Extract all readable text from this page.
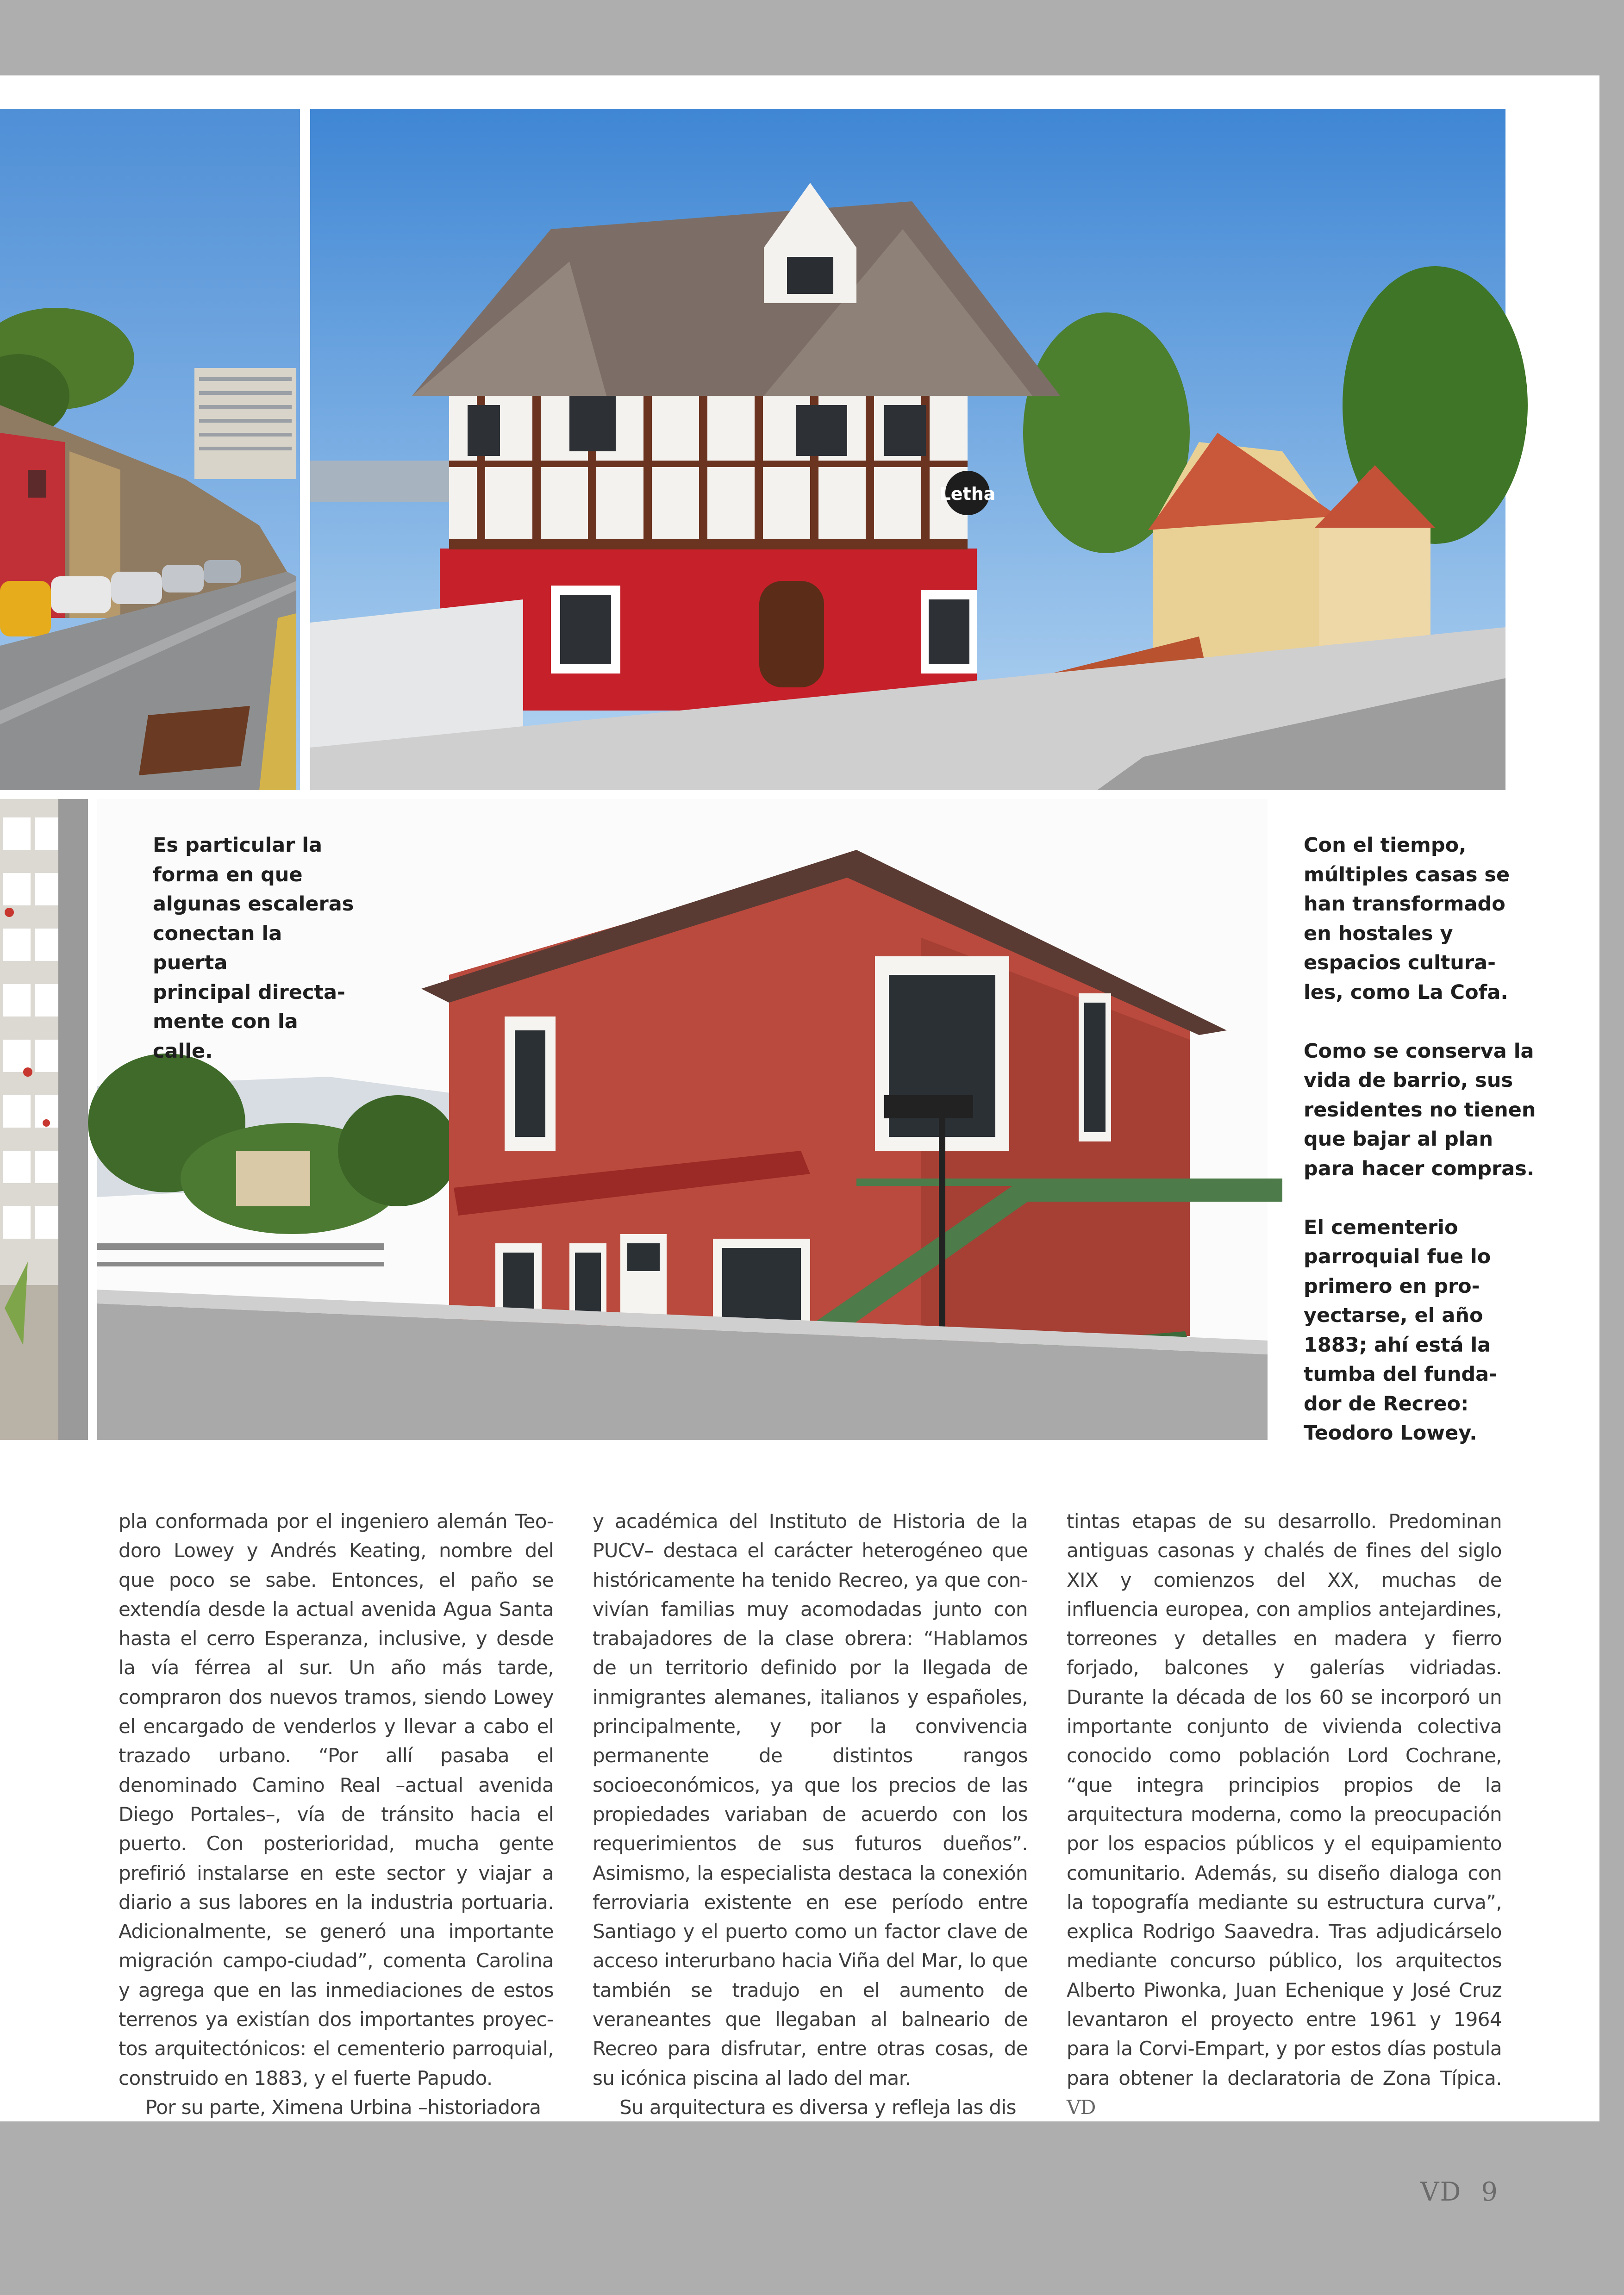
Letha
Es particular la
forma en que
algunas escaleras
conectan la puerta
principal directa-
mente con la calle.
Con el tiempo,
múltiples casas se
han transformado
en hostales y
espacios cultura-
les, como La Cofa.
Como se conserva la
vida de barrio, sus
residentes no tienen
que bajar al plan
para hacer compras.
El cementerio
parroquial fue lo
primero en pro-
yectarse, el año
1883; ahí está la
tumba del funda-
dor de Recreo:
Teodoro Lowey.

pla conformada por el ingeniero alemán Teodoro Lowey y Andrés Keating, nombre del que poco se sabe. Entonces, el paño se extendía desde la actual avenida Agua Santa hasta el cerro Esperanza, inclusive, y desde la vía férrea al sur. Un año más tarde, compraron dos nuevos tramos, siendo Lowey el encargado de venderlos y llevar a cabo el trazado urbano. “Por allí pasaba el denominado Camino Real –actual avenida Diego Portales–, vía de tránsito hacia el puerto. Con posterioridad, mucha gente prefirió instalarse en este sector y viajar a diario a sus labores en la industria portuaria. Adicionalmente, se generó una importante migración campo-ciudad”, comenta Carolina y agrega que en las inmediaciones de estos terrenos ya existían dos importantes proyectos arquitectónicos: el cementerio parroquial, construido en 1883, y el fuerte Papudo.

Por su parte, Ximena Urbina –historiadora

y académica del Instituto de Historia de la PUCV– destaca el carácter heterogéneo que históricamente ha tenido Recreo, ya que convivían familias muy acomodadas junto con trabajadores de la clase obrera: “Hablamos de un territorio definido por la llegada de inmigrantes alemanes, italianos y españoles, principalmente, y por la convivencia permanente de distintos rangos socioeconómicos, ya que los precios de las propiedades variaban de acuerdo con los requerimientos de sus futuros dueños”. Asimismo, la especialista destaca la conexión ferroviaria existente en ese período entre Santiago y el puerto como un factor clave de acceso interurbano hacia Viña del Mar, lo que también se tradujo en el aumento de veraneantes que llegaban al balneario de Recreo para disfrutar, entre otras cosas, de su icónica piscina al lado del mar.

Su arquitectura es diversa y refleja las dis

tintas etapas de su desarrollo. Predominan antiguas casonas y chalés de fines del siglo XIX y comienzos del XX, muchas de influencia europea, con amplios antejardines, torreones y detalles en madera y fierro forjado, balcones y galerías vidriadas. Durante la década de los 60 se incorporó un importante conjunto de vivienda colectiva conocido como población Lord Cochrane, “que integra principios propios de la arquitectura moderna, como la preocupación por los espacios públicos y el equipamiento comunitario. Además, su diseño dialoga con la topografía mediante su estructura curva”, explica Rodrigo Saavedra. Tras adjudicárselo mediante concurso público, los arquitectos Alberto Piwonka, Juan Echenique y José Cruz levantaron el proyecto entre 1961 y 1964 para la Corvi-Empart, y por estos días postula para obtener la declaratoria de Zona Típica. VD

VD 9
